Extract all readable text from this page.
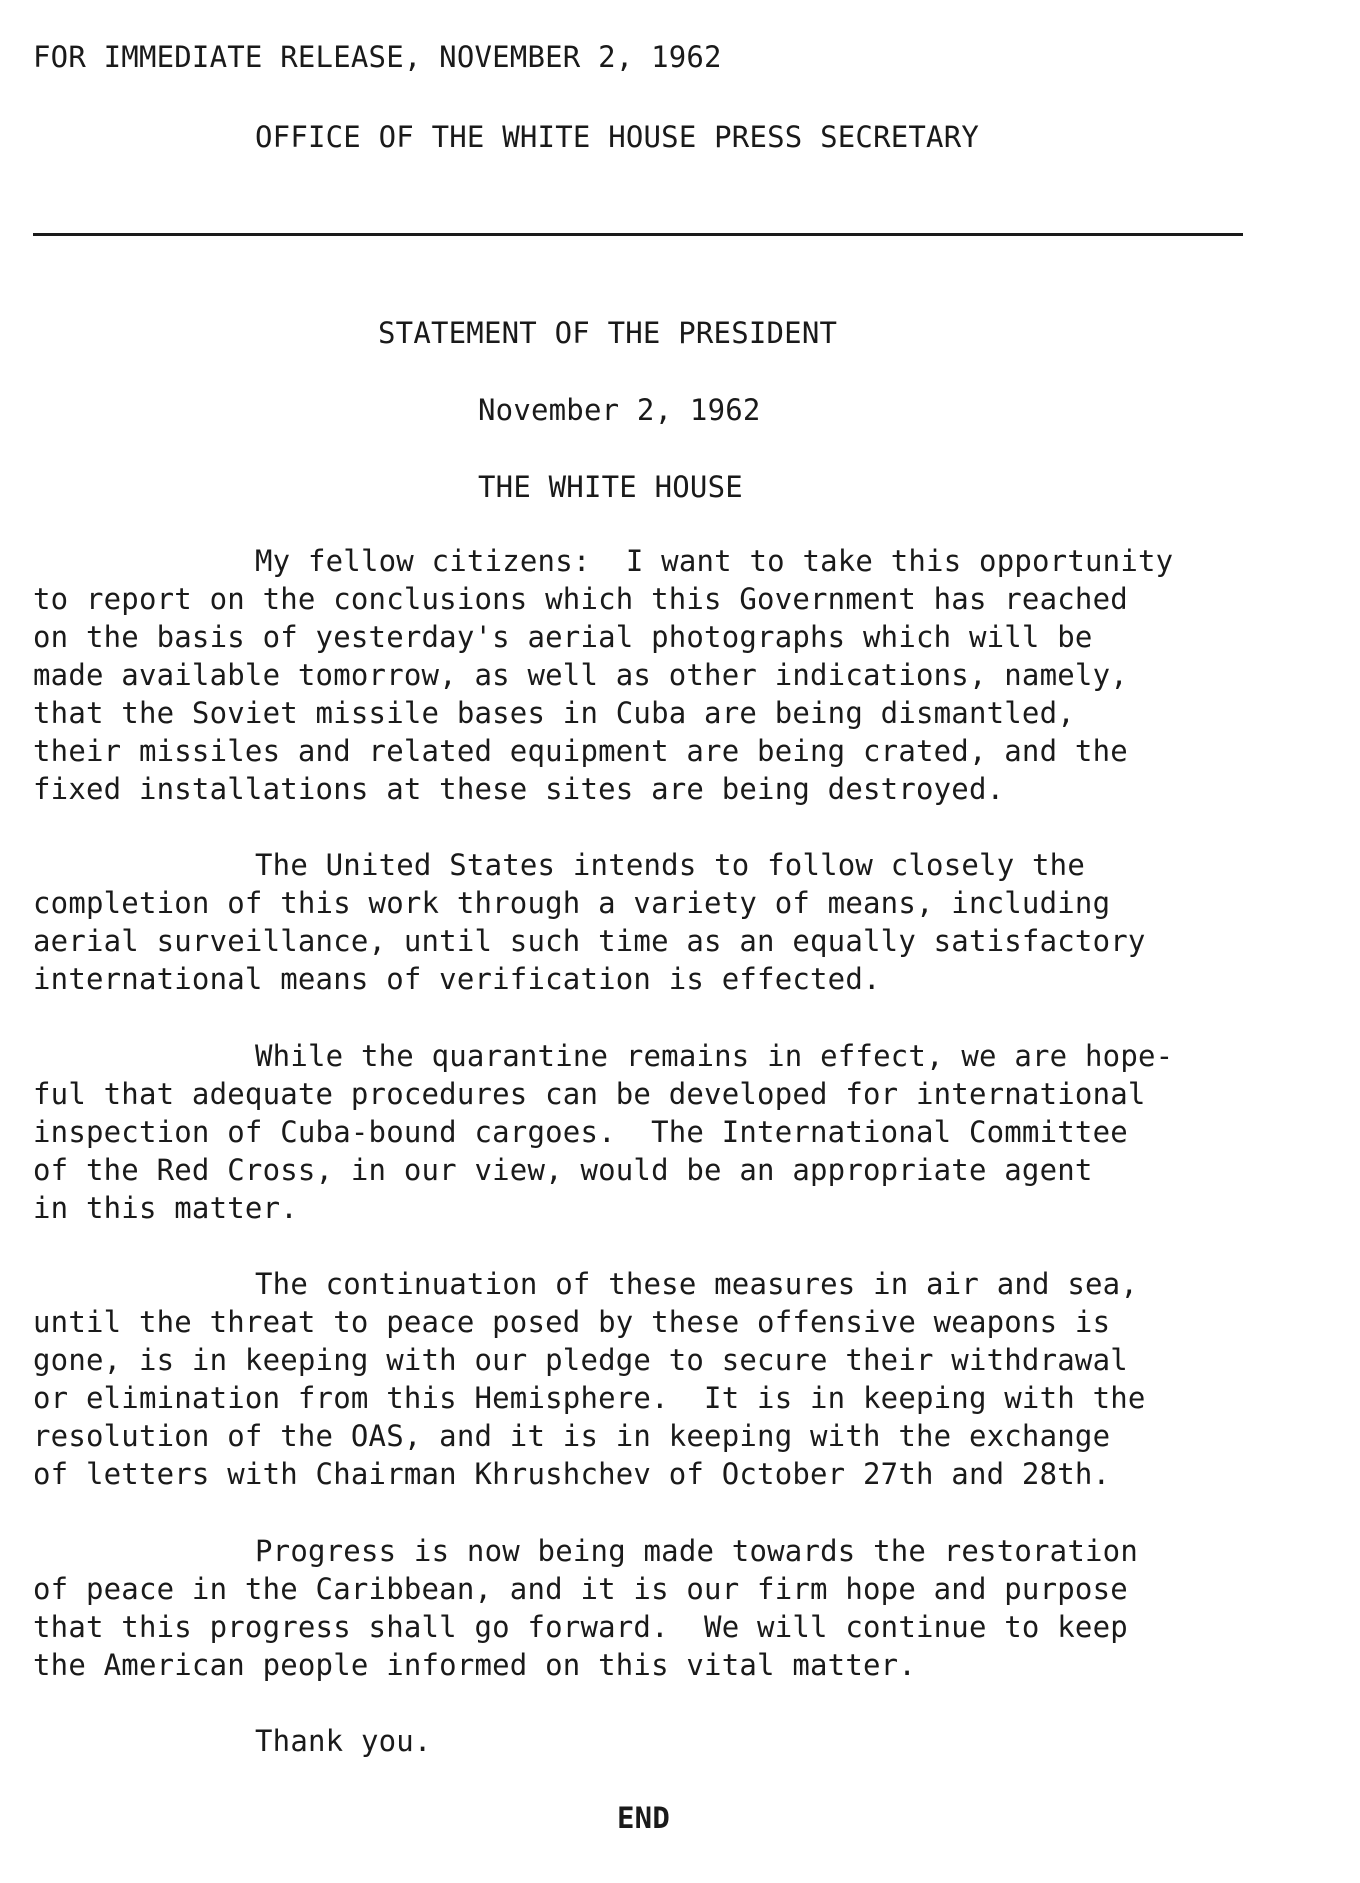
FOR IMMEDIATE RELEASE, NOVEMBER 2, 1962
OFFICE OF THE WHITE HOUSE PRESS SECRETARY
STATEMENT OF THE PRESIDENT
November 2, 1962
THE WHITE HOUSE
My fellow citizens:  I want to take this opportunity
to report on the conclusions which this Government has reached
on the basis of yesterday's aerial photographs which will be
made available tomorrow, as well as other indications, namely,
that the Soviet missile bases in Cuba are being dismantled,
their missiles and related equipment are being crated, and the
fixed installations at these sites are being destroyed.
The United States intends to follow closely the
completion of this work through a variety of means, including
aerial surveillance, until such time as an equally satisfactory
international means of verification is effected.
While the quarantine remains in effect, we are hope-
ful that adequate procedures can be developed for international
inspection of Cuba-bound cargoes.  The International Committee
of the Red Cross, in our view, would be an appropriate agent
in this matter.
The continuation of these measures in air and sea,
until the threat to peace posed by these offensive weapons is
gone, is in keeping with our pledge to secure their withdrawal
or elimination from this Hemisphere.  It is in keeping with the
resolution of the OAS, and it is in keeping with the exchange
of letters with Chairman Khrushchev of October 27th and 28th.
Progress is now being made towards the restoration
of peace in the Caribbean, and it is our firm hope and purpose
that this progress shall go forward.  We will continue to keep
the American people informed on this vital matter.
Thank you.
END
